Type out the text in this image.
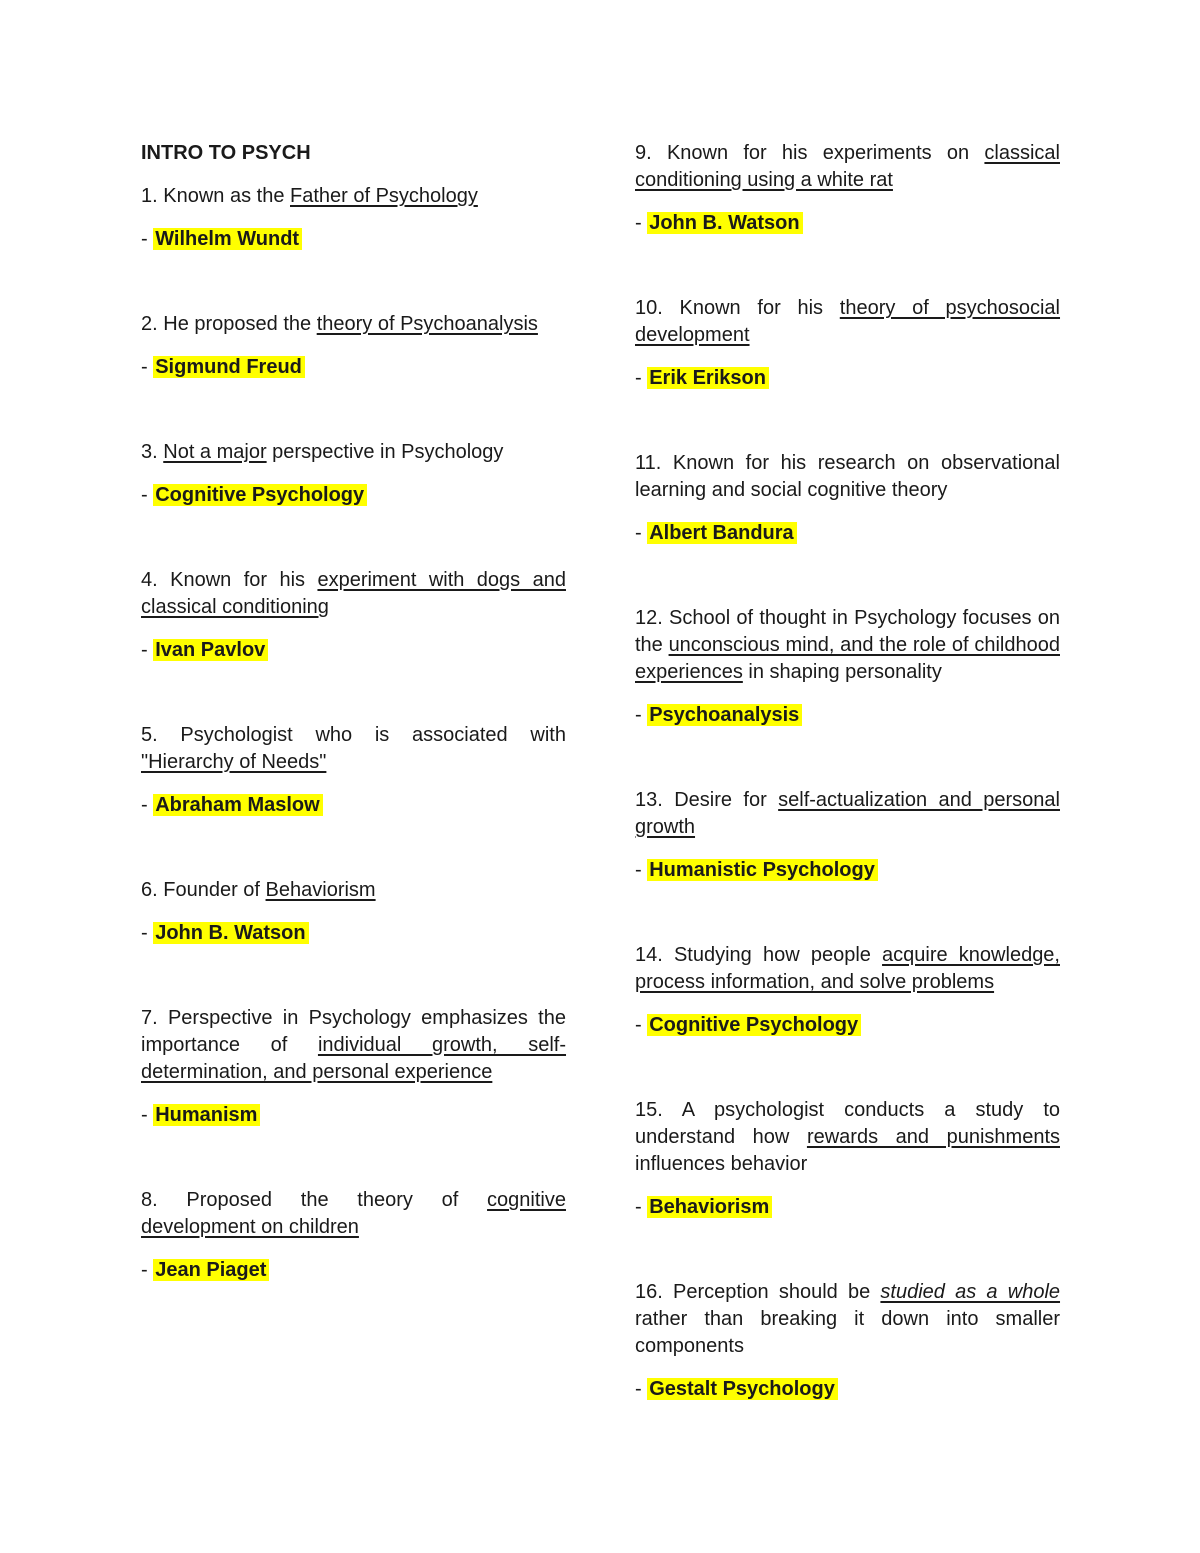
INTRO TO PSYCH

1. Known as the Father of Psychology

- Wilhelm Wundt

2. He proposed the theory of Psychoanalysis

- Sigmund Freud

3. Not a major perspective in Psychology

- Cognitive Psychology

4. Known for his experiment with dogs and classical conditioning

- Ivan Pavlov

5. Psychologist who is associated with "Hierarchy of Needs"

- Abraham Maslow

6. Founder of Behaviorism

- John B. Watson

7. Perspective in Psychology emphasizes the importance of individual growth, self-determination, and personal experience

- Humanism

8. Proposed the theory of cognitive development on children

- Jean Piaget

9. Known for his experiments on classical conditioning using a white rat

- John B. Watson

10. Known for his theory of psychosocial development

- Erik Erikson

11. Known for his research on observational learning and social cognitive theory

- Albert Bandura

12. School of thought in Psychology focuses on the unconscious mind, and the role of childhood experiences in shaping personality

- Psychoanalysis

13. Desire for self-actualization and personal growth

- Humanistic Psychology

14. Studying how people acquire knowledge, process information, and solve problems

- Cognitive Psychology

15. A psychologist conducts a study to understand how rewards and punishments influences behavior

- Behaviorism

16. Perception should be studied as a whole rather than breaking it down into smaller components

- Gestalt Psychology
